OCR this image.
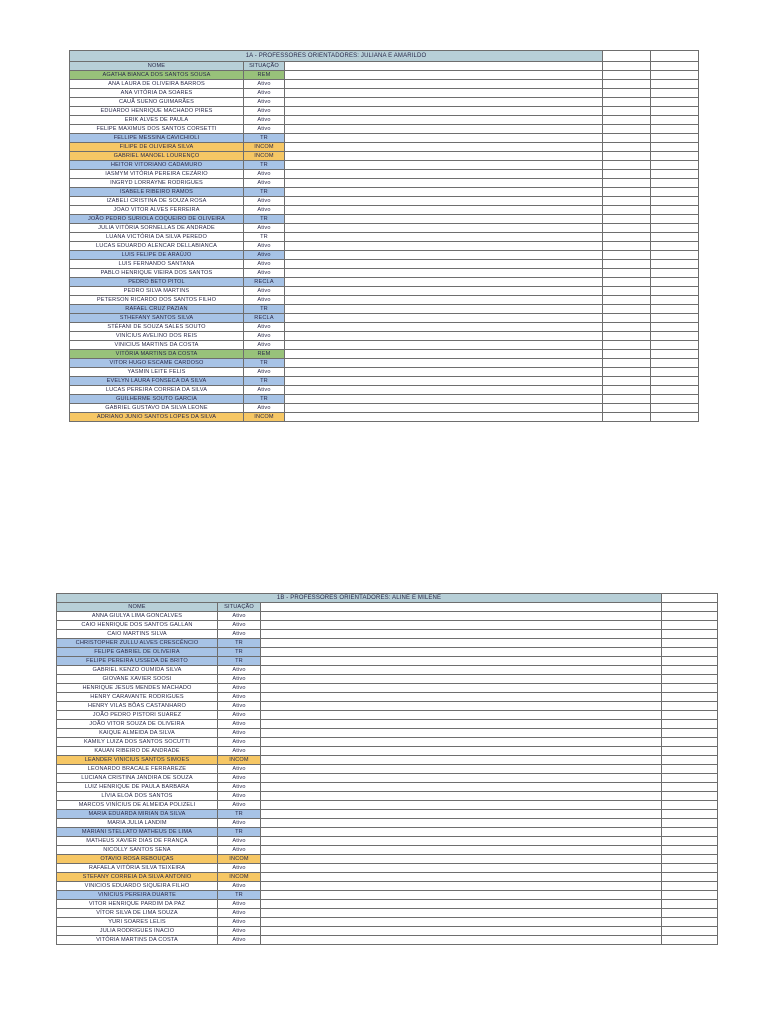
1A - PROFESSORES ORIENTADORES: JULIANA E AMARILDO				
NOME	SITUAÇÃO			
AGATHA BIANCA DOS SANTOS SOUSA	REM			
ANA LAURA DE OLIVEIRA BARROS	Ativo			
ANA VITÓRIA DA SOARES	Ativo			
CAUÃ SUENO GUIMARÃES	Ativo			
EDUARDO HENRIQUE MACHADO PIRES	Ativo			
ERIK ALVES DE PAULA	Ativo			
FELIPE MAXIMUS DOS SANTOS CORSETTI	Ativo			
FELLIPE MESSINA CAVICHIOLI	TR			
FILIPE DE OLIVEIRA SILVA	INCOM			
GABRIEL MANOEL LOURENÇO	INCOM			
HEITOR VITORIANO CADAMURO	TR			
IASMYM VITÓRIA PEREIRA CEZÁRIO	Ativo			
INGRYD LORRAYNE RODRIGUES	Ativo			
ISABELE RIBEIRO RAMOS	TR			
IZABELI CRISTINA DE SOUZA ROSA	Ativo			
JOAO VITOR ALVES FERREIRA	Ativo			
JOÃO PEDRO SURIOLA COQUEIRO DE OLIVEIRA	TR			
JULIA VITÓRIA SORNELLAS DE ANDRADE	Ativo			
LUANA VICTÓRIA DA SILVA PEREDO	TR			
LUCAS EDUARDO ALENCAR DELLABIANCA	Ativo			
LUIS FELIPE DE ARAÚJO	Ativo			
LUIS FERNANDO SANTANA	Ativo			
PABLO HENRIQUE VIEIRA DOS SANTOS	Ativo			
PEDRO BETO PITOL	RECLA			
PEDRO SILVA MARTINS	Ativo			
PETERSON RICARDO DOS SANTOS FILHO	Ativo			
RAFAEL CRUZ PAZIAN	TR			
STHEFANY SANTOS SILVA	RECLA			
STÉFANI DE SOUZA SALES SOUTO	Ativo			
VINÍCIUS AVELINO DOS REIS	Ativo			
VINICIUS MARTINS DA COSTA	Ativo			
VITÓRIA MARTINS DA COSTA	REM			
VITOR HUGO ESCAME CARDOSO	TR			
YASMIN LEITE FELIS	Ativo			
EVELYN LAURA FONSECA DA SILVA	TR			
LUCAS PEREIRA CORREIA DA SILVA	Ativo			
GUILHERME SOUTO GARCIA	TR			
GABRIEL GUSTAVO DA SILVA LEONE	Ativo			
ADRIANO JUNIO SANTOS LOPES DA SILVA	INCOM			
1B - PROFESSORES ORIENTADORES: ALINE E MILENE			
NOME	SITUAÇÃO		
ANNA GIULYA LIMA GONCALVES	Ativo		
CAIO HENRIQUE DOS SANTOS GALLAN	Ativo		
CAIO MARTINS SILVA	Ativo		
CHRISTOPHER ZULLU ALVES CRESCÊNCIO	TR		
FELIPE GABRIEL DE OLIVEIRA	TR		
FELIPE PEREIRA USSEDA DE BRITO	TR		
GABRIEL KENZO OUMIDA SILVA	Ativo		
GIOVANE XAVIER SOOSI	Ativo		
HENRIQUE JESUS MENDES MACHADO	Ativo		
HENRY CARAVANTE RODRIGUES	Ativo		
HENRY VILAS BÔAS CASTANHARO	Ativo		
JOÃO PEDRO PISTORI SUAREZ	Ativo		
JOÃO VITOR SOUZA DE OLIVEIRA	Ativo		
KAIQUE ALMEIDA DA SILVA	Ativo		
KAMILY LUIZA DOS SANTOS SOCUTTI	Ativo		
KAUAN RIBEIRO DE ANDRADE	Ativo		
LEANDER VINICIUS SANTOS SIMOES	INCOM		
LEONARDO BRACALE FERRAREZE	Ativo		
LUCIANA CRISTINA JANDIRA DE SOUZA	Ativo		
LUIZ HENRIQUE DE PAULA BARBARA	Ativo		
LÍVIA ELOÁ DOS SANTOS	Ativo		
MARCOS VINÍCIUS DE ALMEIDA POLIZELI	Ativo		
MARIA EDUARDA MIRIAN DA SILVA	TR		
MARIA JULIA LANDIM	Ativo		
MARIANI STELLATO MATHEUS DE LIMA	TR		
MATHEUS XAVIER DIAS DE FRANÇA	Ativo		
NICOLLY SANTOS SENA	Ativo		
OTAVIO ROSA REBOUÇAS	INCOM		
RAFAELA VITÓRIA SILVA TEIXEIRA	Ativo		
STEFANY CORREIA DA SILVA ANTONIO	INCOM		
VINICIOS EDUARDO SIQUEIRA FILHO	Ativo		
VINICIUS PEREIRA DUARTE	TR		
VITOR HENRIQUE PARDIM DA PAZ	Ativo		
VÍTOR SILVA DE LIMA SOUZA	Ativo		
YURI SOARES LELIS	Ativo		
JULIA RODRIGUES INACIO	Ativo		
VITÓRIA MARTINS DA COSTA	Ativo		
